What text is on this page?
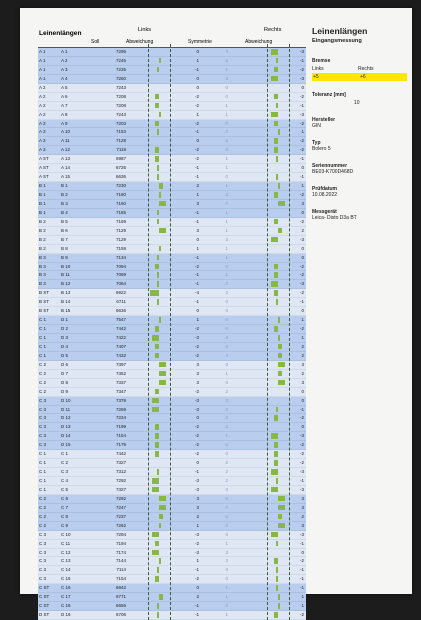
Leinenlängen	Links	Rechts
Soll	Abweichung	Symmetrie	Abweichung
A 1	A 1	7295	0	3	-3
A 1	A 2	7245	1	2	-1
A 1	A 3	7235	-1	1	-2
A 1	A 4	7260	0	3	-3
A 2	A 5	7243	0	0	0
A 2	A 6	7208	-2	0	-2
A 2	A 7	7208	-2	1	-1
A 2	A 8	7243	1	1	-3
A 3	A 9	7203	-2	0	-2
A 3	A 10	7153	-1	2	1
A 3	A 11	7128	0	2	-2
A 3	A 12	7118	-2	0	-2
A ST	A 13	6987	-2	1	-1
A ST	A 14	6726	-1	1	0
A ST	A 15	6636	-1	0	-1
B 1	B 1	7230	2	1	1
B 1	B 2	7180	1	3	-2
B 1	B 3	7160	3	0	3
B 1	B 4	7185	-1	1	0
B 2	B 5	7169	-1	1	-2
B 2	B 6	7129	3	1	2
B 2	B 7	7129	0	3	-3
B 2	B 8	7159	1	1	0
B 3	B 9	7134	-1	1	0
B 3	B 10	7094	-2	0	-2
B 3	B 11	7069	-1	1	-2
B 3	B 12	7064	-1	2	-3
B ST	B 13	6922	-4	2	-2
B ST	B 14	6711	-1	0	-1
B ST	B 15	6636	0	0	0
C 1	D 1	7547	1	0	1
C 1	D 2	7442	-2	0	-2
C 1	D 3	7422	-3	4	1
C 1	D 4	7407	-2	4	2
C 1	D 5	7432	-2	4	2
C 2	D 6	7397	3	0	3
C 2	D 7	7352	3	1	2
C 2	D 8	7337	3	0	3
C 2	D 9	7347	-2	2	0
C 3	D 10	7379	-3	3	0
C 3	D 11	7269	-3	2	-1
C 3	D 12	7234	0	2	-2
C 3	D 13	7199	-2	2	0
C 3	D 14	7154	-2	1	-3
C 3	D 15	7179	-2	0	-2
C 1	C 1	7442	-2	0	-2
C 1	C 2	7327	0	2	-2
C 1	C 3	7312	-1	2	-3
C 1	C 4	7292	-3	2	-1
C 1	C 5	7327	-3	0	-3
C 2	C 6	7292	3	0	3
C 2	C 7	7247	3	0	3
C 2	C 8	7237	2	0	2
C 2	C 9	7262	1	2	3
C 3	C 10	7294	-3	0	-3
C 3	C 11	7194	-2	1	-1
C 3	C 12	7174	-3	3	0
C 3	C 13	7144	1	3	-2
C 3	C 14	7114	-1	0	-1
C 3	C 15	7154	-2	0	-1
C ST	C 16	6942	0	1	-1
C ST	C 17	6771	2	1	1
C ST	C 18	6656	-1	2	1
D ST	D 16	6706	-1	1	-2
Leinenlängen
Eingangsmessung
Bremse
Links	Rechts
+5	+6
Toleranz [mm]
10
Hersteller
GIN
Typ
Bolero 5
Seriennummer
BE03-K700D468D
Prüfdatum
10.08.2022
Messgerät
Leica- Disto D3a BT
